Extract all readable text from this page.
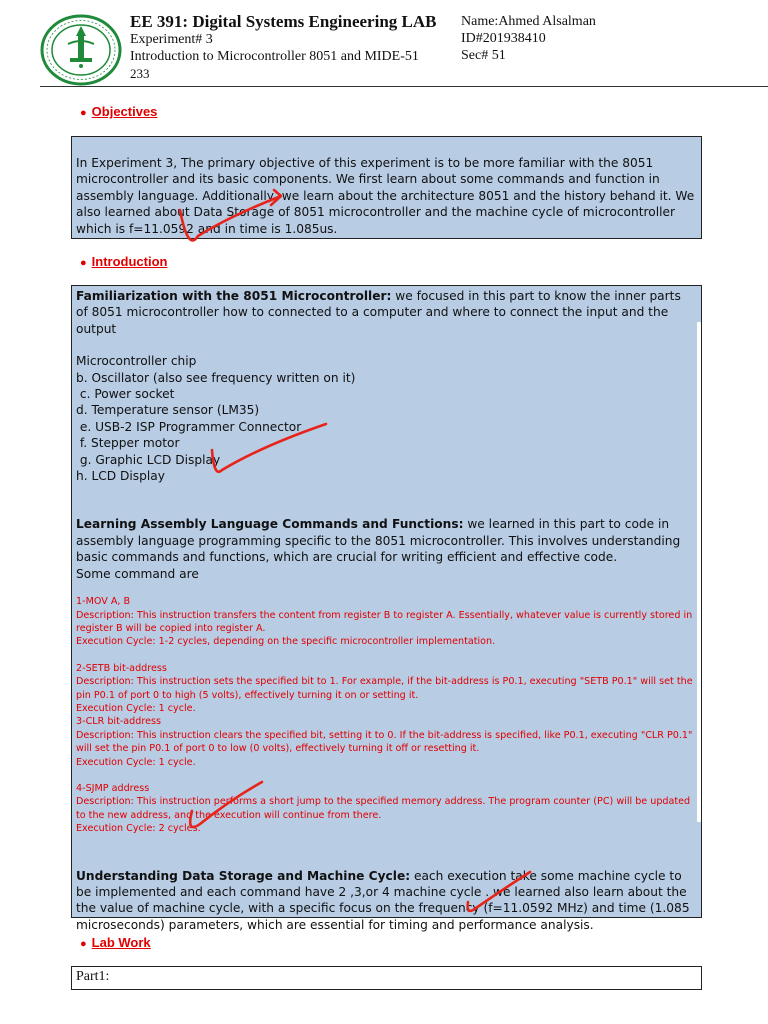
EE 391: Digital Systems Engineering LAB
Experiment# 3
Introduction to Microcontroller 8051 and MIDE-51
233
Name:Ahmed Alsalman
ID#201938410
Sec# 51
● Objectives

In Experiment 3, The primary objective of this experiment is to be more familiar with the 8051 microcontroller and its basic components. We first learn about some commands and function in assembly language. Additionally, we learn about the architecture 8051 and the history behand it. We also learned about Data Storage of 8051 microcontroller and the machine cycle of microcontroller which is f=11.0592 and in time is 1.085us.

● Introduction

Familiarization with the 8051 Microcontroller: we focused in this part to know the inner parts of 8051 microcontroller how to connected to a computer and where to connect the input and the output

Microcontroller chip

b. Oscillator (also see frequency written on it)

c. Power socket

d. Temperature sensor (LM35)

e. USB-2 ISP Programmer Connector

f. Stepper motor

g. Graphic LCD Display

h. LCD Display

Learning Assembly Language Commands and Functions: we learned in this part to code in assembly language programming specific to the 8051 microcontroller. This involves understanding basic commands and functions, which are crucial for writing efficient and effective code.

Some command are

1-MOV A, B

Description: This instruction transfers the content from register B to register A. Essentially, whatever value is currently stored in register B will be copied into register A.

Execution Cycle: 1-2 cycles, depending on the specific microcontroller implementation.

2-SETB bit-address

Description: This instruction sets the specified bit to 1. For example, if the bit-address is P0.1, executing "SETB P0.1" will set the pin P0.1 of port 0 to high (5 volts), effectively turning it on or setting it.

Execution Cycle: 1 cycle.

3-CLR bit-address

Description: This instruction clears the specified bit, setting it to 0. If the bit-address is specified, like P0.1, executing "CLR P0.1" will set the pin P0.1 of port 0 to low (0 volts), effectively turning it off or resetting it.

Execution Cycle: 1 cycle.

4-SJMP address

Description: This instruction performs a short jump to the specified memory address. The program counter (PC) will be updated to the new address, and the execution will continue from there.

Execution Cycle: 2 cycles.

Understanding Data Storage and Machine Cycle: each execution take some machine cycle to be implemented and each command have 2 ,3,or 4 machine cycle . we learned also learn about the the value of machine cycle, with a specific focus on the frequency (f=11.0592 MHz) and time (1.085 microseconds) parameters, which are essential for timing and performance analysis.

● Lab Work
Part1:
